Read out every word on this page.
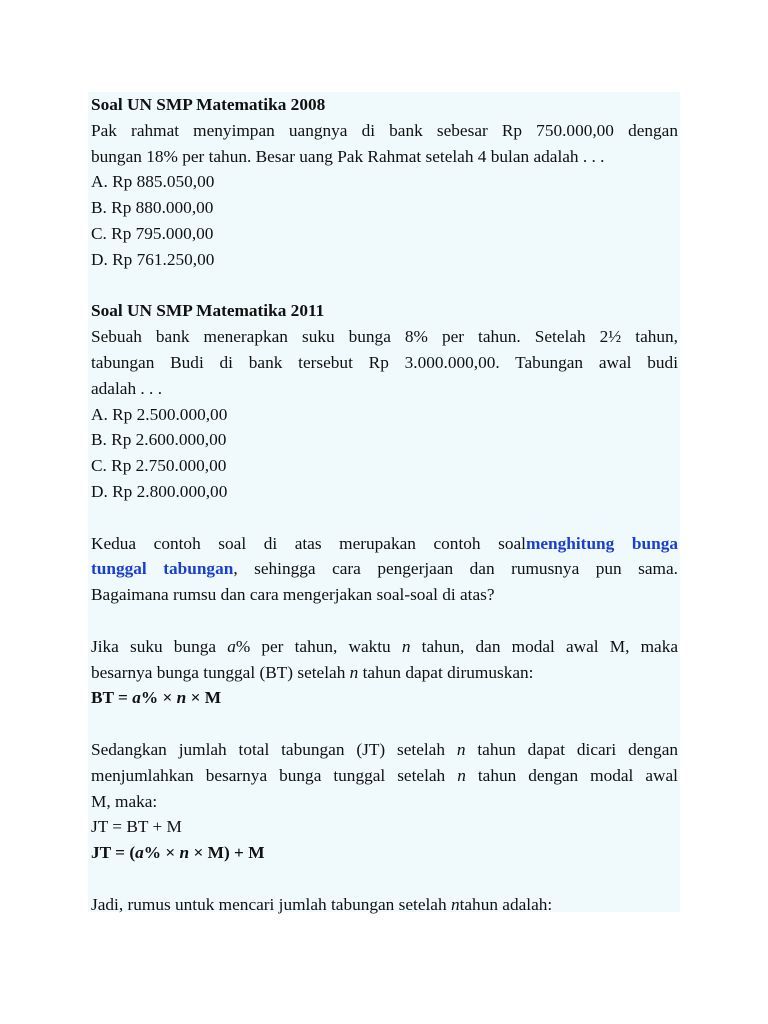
Soal UN SMP Matematika 2008
Pak rahmat menyimpan uangnya di bank sebesar Rp 750.000,00 dengan
bungan 18% per tahun. Besar uang Pak Rahmat setelah 4 bulan adalah . . .
A. Rp 885.050,00
B. Rp 880.000,00
C. Rp 795.000,00
D. Rp 761.250,00
Soal UN SMP Matematika 2011
Sebuah bank menerapkan suku bunga 8% per tahun. Setelah 2½ tahun,
tabungan Budi di bank tersebut Rp 3.000.000,00. Tabungan awal budi
adalah . . .
A. Rp 2.500.000,00
B. Rp 2.600.000,00
C. Rp 2.750.000,00
D. Rp 2.800.000,00
Kedua contoh soal di atas merupakan contoh soalmenghitung bunga
tunggal tabungan, sehingga cara pengerjaan dan rumusnya pun sama.
Bagaimana rumsu dan cara mengerjakan soal-soal di atas?
Jika suku bunga a% per tahun, waktu n tahun, dan modal awal M, maka
besarnya bunga tunggal (BT) setelah n tahun dapat dirumuskan:
BT = a% × n × M
Sedangkan jumlah total tabungan (JT) setelah n tahun dapat dicari dengan
menjumlahkan besarnya bunga tunggal setelah n tahun dengan modal awal
M, maka:
JT = BT + M
JT = (a% × n × M) + M
Jadi, rumus untuk mencari jumlah tabungan setelah ntahun adalah:
